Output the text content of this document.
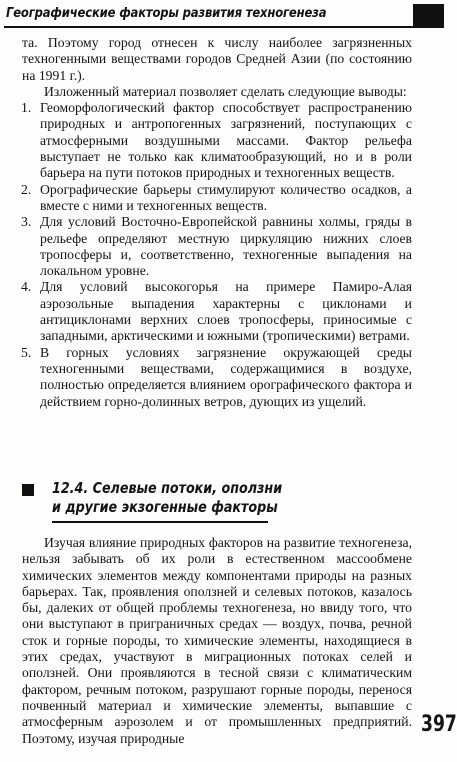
Географические факторы развития техногенеза

та. Поэтому город отнесен к числу наиболее загрязненных техногенными веществами городов Средней Азии (по состоянию на 1991 г.).

Изложенный материал позволяет сделать следующие выводы:

1. Геоморфологический фактор способствует распространению природных и антропогенных загрязнений, поступающих с атмосферными воздушными массами. Фактор рельефа выступает не только как климатообразующий, но и в роли барьера на пути потоков природных и техногенных веществ.
2. Орографические барьеры стимулируют количество осадков, а вместе с ними и техногенных веществ.
3. Для условий Восточно-Европейской равнины холмы, гряды в рельефе определяют местную циркуляцию нижних слоев тропосферы и, соответственно, техногенные выпадения на локальном уровне.
4. Для условий высокогорья на примере Памиро-Алая аэрозольные выпадения характерны с циклонами и антициклонами верхних слоев тропосферы, приносимые с западными, арктическими и южными (тропическими) ветрами.
5. В горных условиях загрязнение окружающей среды техногенными веществами, содержащимися в воздухе, полностью определяется влиянием орографического фактора и действием горно-долинных ветров, дующих из ущелий.
12.4. Селевые потоки, оползни
и другие экзогенные факторы

Изучая влияние природных факторов на развитие техногенеза, нельзя забывать об их роли в естественном массообмене химических элементов между компонентами природы на разных барьерах. Так, проявления оползней и селевых потоков, казалось бы, далеких от общей проблемы техногенеза, но ввиду того, что они выступают в приграничных средах — воздух, почва, речной сток и горные породы, то химические элементы, находящиеся в этих средах, участвуют в миграционных потоках селей и оползней. Они проявляются в тесной связи с климатическим фактором, речным потоком, разрушают горные породы, перенося почвенный материал и химические элементы, выпавшие с атмосферным аэрозолем и от промышленных предприятий. Поэтому, изучая природные

397
